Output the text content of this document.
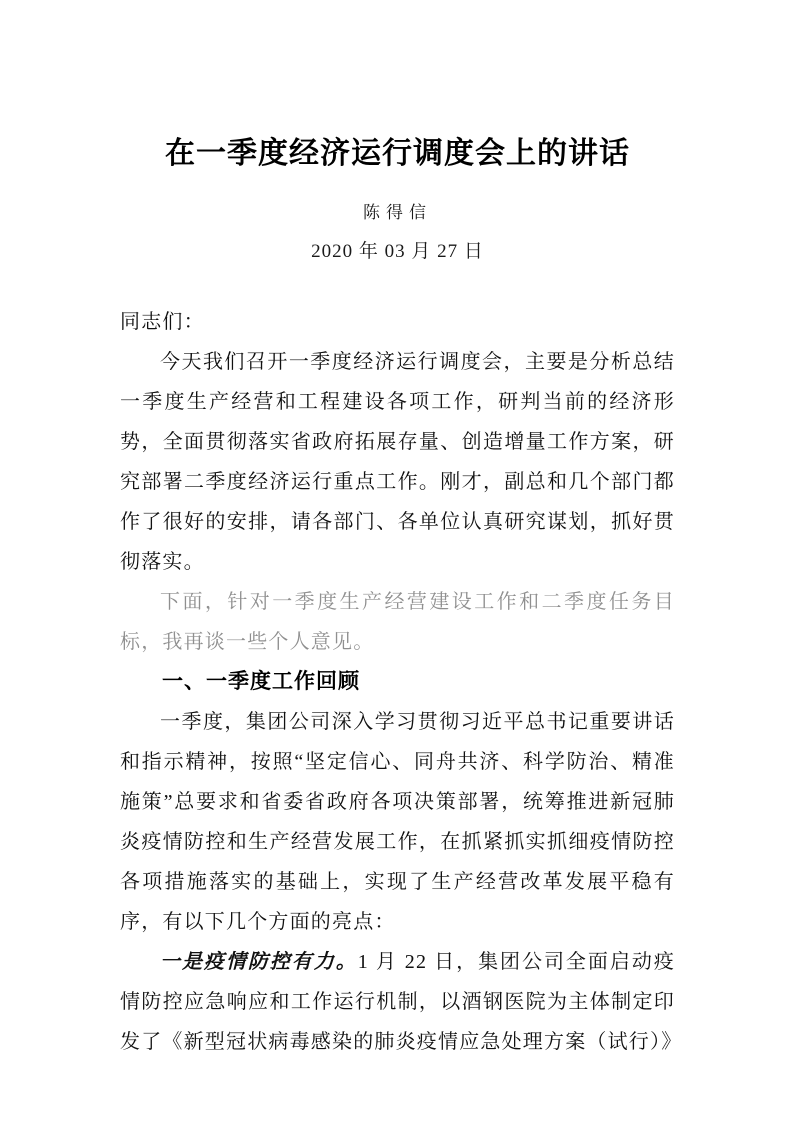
在一季度经济运行调度会上的讲话
陈得信
2020 年 03 月 27 日

同志们：

今天我们召开一季度经济运行调度会，主要是分析总结一季度生产经营和工程建设各项工作，研判当前的经济形势，全面贯彻落实省政府拓展存量、创造增量工作方案，研究部署二季度经济运行重点工作。刚才，副总和几个部门都作了很好的安排，请各部门、各单位认真研究谋划，抓好贯彻落实。

下面，针对一季度生产经营建设工作和二季度任务目标，我再谈一些个人意见。

一、一季度工作回顾

一季度，集团公司深入学习贯彻习近平总书记重要讲话和指示精神，按照“坚定信心、同舟共济、科学防治、精准施策”总要求和省委省政府各项决策部署，统筹推进新冠肺炎疫情防控和生产经营发展工作，在抓紧抓实抓细疫情防控各项措施落实的基础上，实现了生产经营改革发展平稳有序，有以下几个方面的亮点：

一是疫情防控有力。1 月 22 日，集团公司全面启动疫情防控应急响应和工作运行机制，以酒钢医院为主体制定印发了《新型冠状病毒感染的肺炎疫情应急处理方案（试行）》
